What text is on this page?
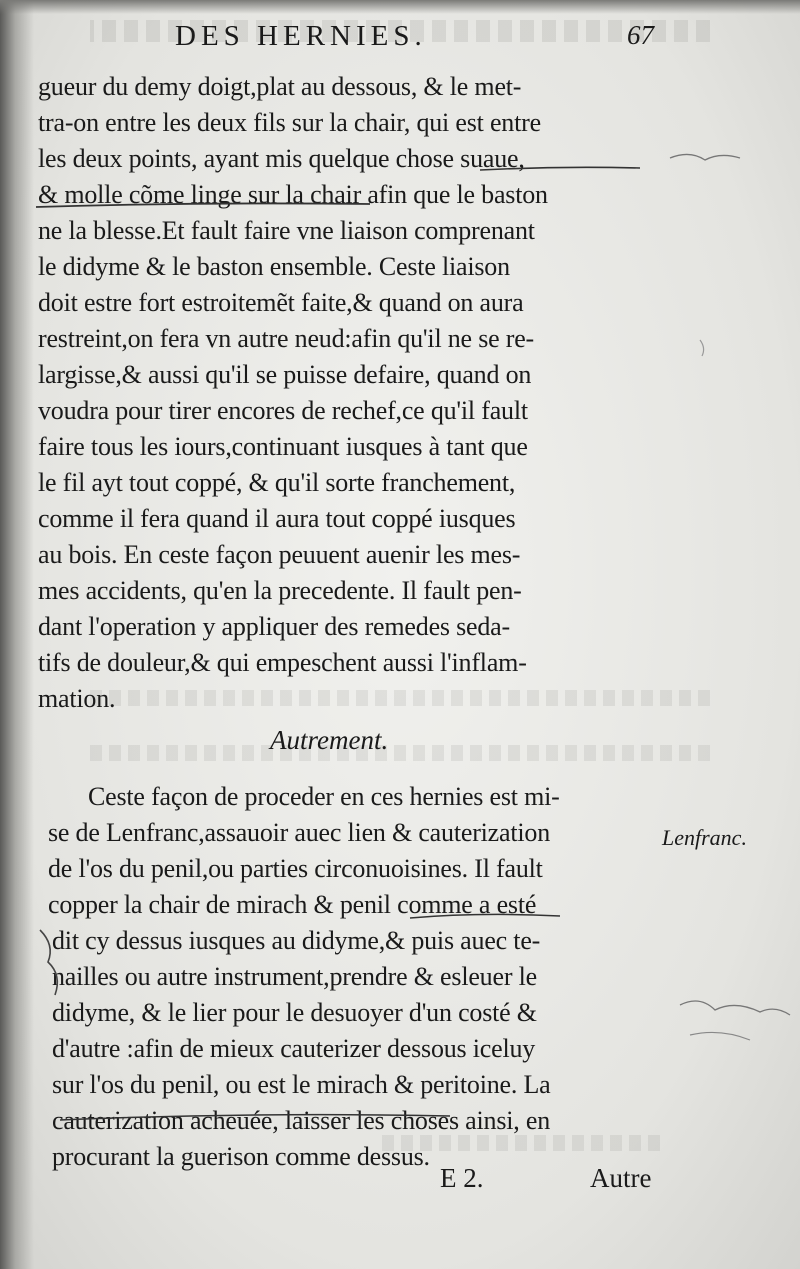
DES HERNIES.	67
gueur du demy doigt,plat au dessous, & le met-
tra-on entre les deux fils sur la chair, qui est entre
les deux points, ayant mis quelque chose suaue,
& molle cõme linge sur la chair afin que le baston
ne la blesse.Et fault faire vne liaison comprenant
le didyme & le baston ensemble. Ceste liaison
doit estre fort estroitemẽt faite,& quand on aura
restreint,on fera vn autre neud:afin qu'il ne se re-
largisse,& aussi qu'il se puisse defaire, quand on
voudra pour tirer encores de rechef,ce qu'il fault
faire tous les iours,continuant iusques à tant que
le fil ayt tout coppé, & qu'il sorte franchement,
comme il fera quand il aura tout coppé iusques
au bois. En ceste façon peuuent auenir les mes-
mes accidents, qu'en la precedente. Il fault pen-
dant l'operation y appliquer des remedes seda-
tifs de douleur,& qui empeschent aussi l'inflam-
mation.
Autrement.
Ceste façon de proceder en ces hernies est mi-
se de Lenfranc,assauoir auec lien & cauterization
de l'os du penil,ou parties circonuoisines. Il fault
copper la chair de mirach & penil comme a esté
dit cy dessus iusques au didyme,& puis auec te-
nailles ou autre instrument,prendre & esleuer le
didyme, & le lier pour le desuoyer d'un costé &
d'autre :afin de mieux cauterizer dessous iceluy
sur l'os du penil, ou est le mirach & peritoine. La
cauterization acheuée, laisser les choses ainsi, en
procurant la guerison comme dessus.
Lenfranc.
E 2.	Autre
